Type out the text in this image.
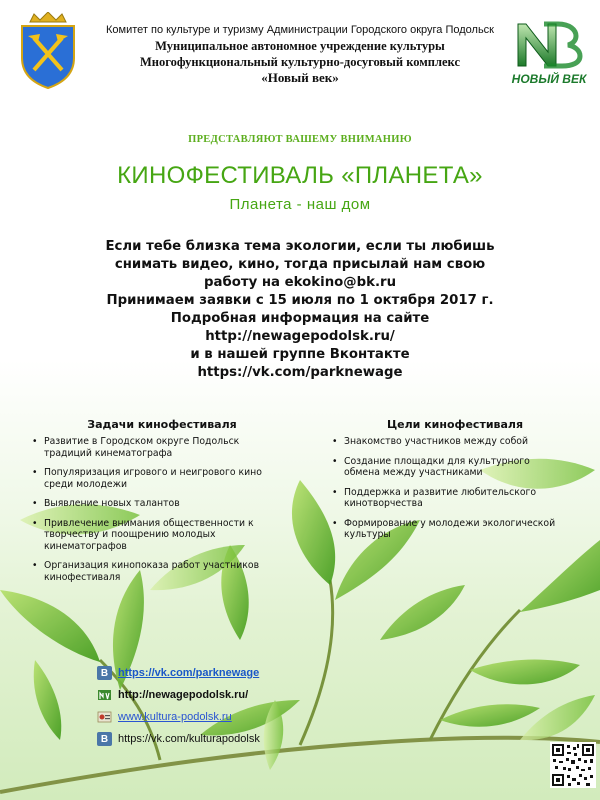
НОВЫЙ ВЕК
Комитет по культуре и туризму Администрации Городского округа Подольск
Муниципальное автономное учреждение культуры
Многофункциональный культурно-досуговый комплекс
«Новый век»
ПРЕДСТАВЛЯЮТ ВАШЕМУ ВНИМАНИЮ
КИНОФЕСТИВАЛЬ «ПЛАНЕТА»
Планета - наш дом
Если тебе близка тема экологии, если ты любишь
снимать видео, кино, тогда присылай нам свою
работу на ekokino@bk.ru
Принимаем заявки с 15 июля по 1 октября 2017 г.
Подробная информация на сайте
http://newagepodolsk.ru/
и в нашей группе Вконтакте
https://vk.com/parknewage
Задачи кинофестиваля	Цели кинофестиваля
• Развитие в Городском округе Подольск традиций кинематографа
• Популяризация игрового и неигрового кино среди молодежи
• Выявление новых талантов
• Привлечение внимания общественности к творчеству и поощрению молодых кинематографов
• Организация кинопоказа работ участников кинофестиваля
• Знакомство участников между собой
• Создание площадки для культурного обмена между участниками
• Поддержка и развитие любительского кинотворчества
• Формирование у молодежи экологической культуры
B https://vk.com/parknewage
http://newagepodolsk.ru/
www.kultura-podolsk.ru
B https://vk.com/kulturapodolsk
